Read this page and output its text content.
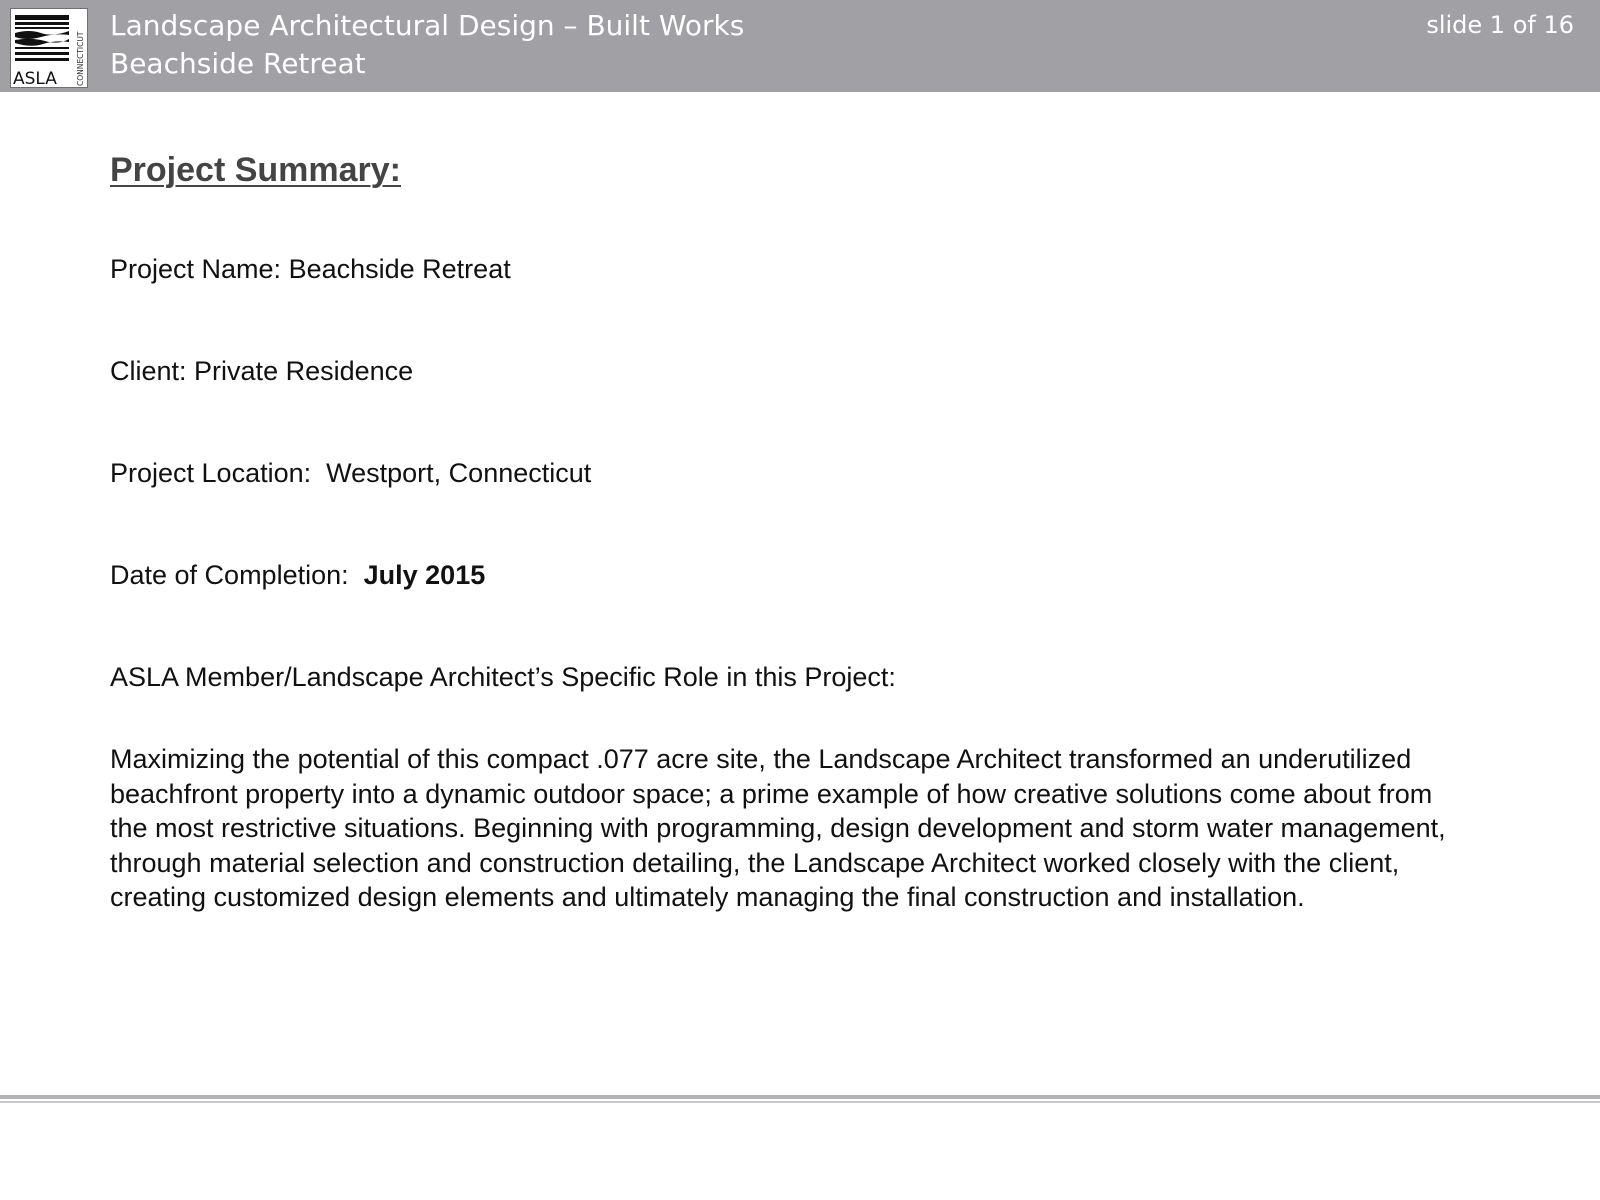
ASLA	CONNECTICUT
Landscape Architectural Design – Built Works
Beachside Retreat
slide 1 of 16
Project Summary:
Project Name: Beachside Retreat
Client: Private Residence
Project Location: Westport, Connecticut
Date of Completion: July 2015
ASLA Member/Landscape Architect’s Specific Role in this Project:

Maximizing the potential of this compact .077 acre site, the Landscape Architect transformed an underutilized beachfront property into a dynamic outdoor space; a prime example of how creative solutions come about from the most restrictive situations. Beginning with programming, design development and storm water management, through material selection and construction detailing, the Landscape Architect worked closely with the client, creating customized design elements and ultimately managing the final construction and installation.
